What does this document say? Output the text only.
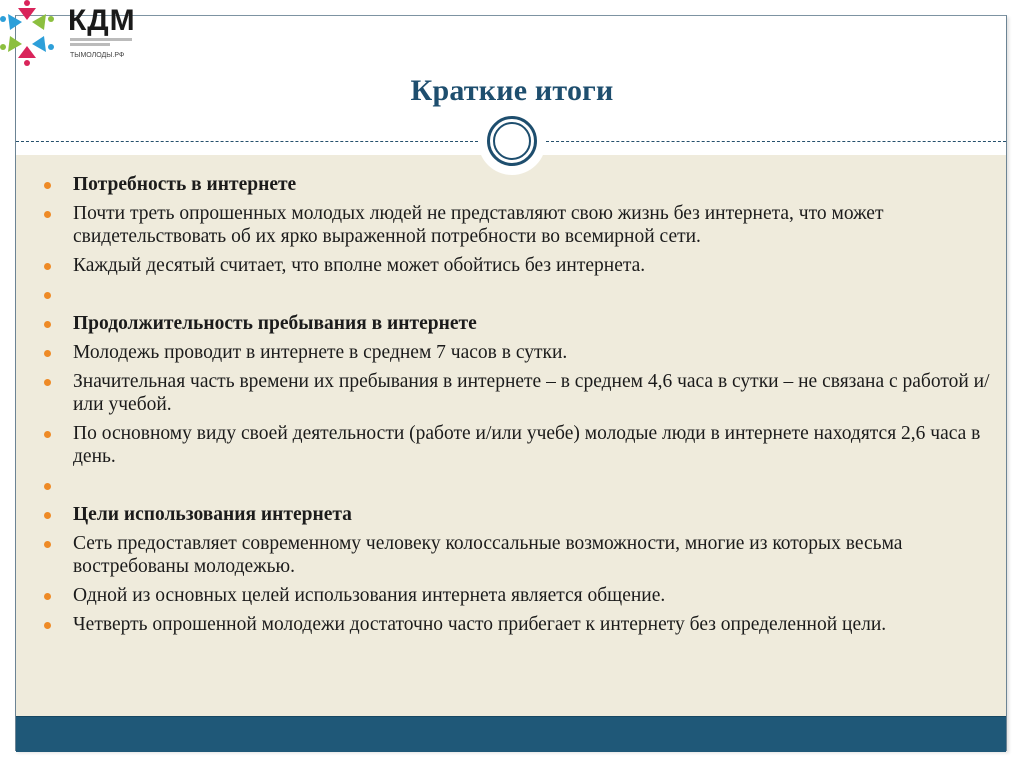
КДМ
ТЫМОЛОДЫ.РФ
Краткие итоги
Потребность в интернете
Почти треть опрошенных молодых людей не представляют свою жизнь без интернета, что может свидетельствовать об их ярко выраженной потребности во всемирной сети.
Каждый десятый считает, что вполне может обойтись без интернета.
Продолжительность пребывания в интернете
Молодежь проводит в интернете в среднем 7 часов в сутки.
Значительная часть времени их пребывания в интернете – в среднем 4,6 часа в сутки – не связана с работой и/или учебой.
По основному виду своей деятельности (работе и/или учебе) молодые люди в интернете находятся 2,6 часа в день.
Цели использования интернета
Сеть предоставляет современному человеку колоссальные возможности, многие из которых весьма востребованы молодежью.
Одной из основных целей использования интернета является общение.
Четверть опрошенной молодежи достаточно часто прибегает к интернету без определенной цели.
